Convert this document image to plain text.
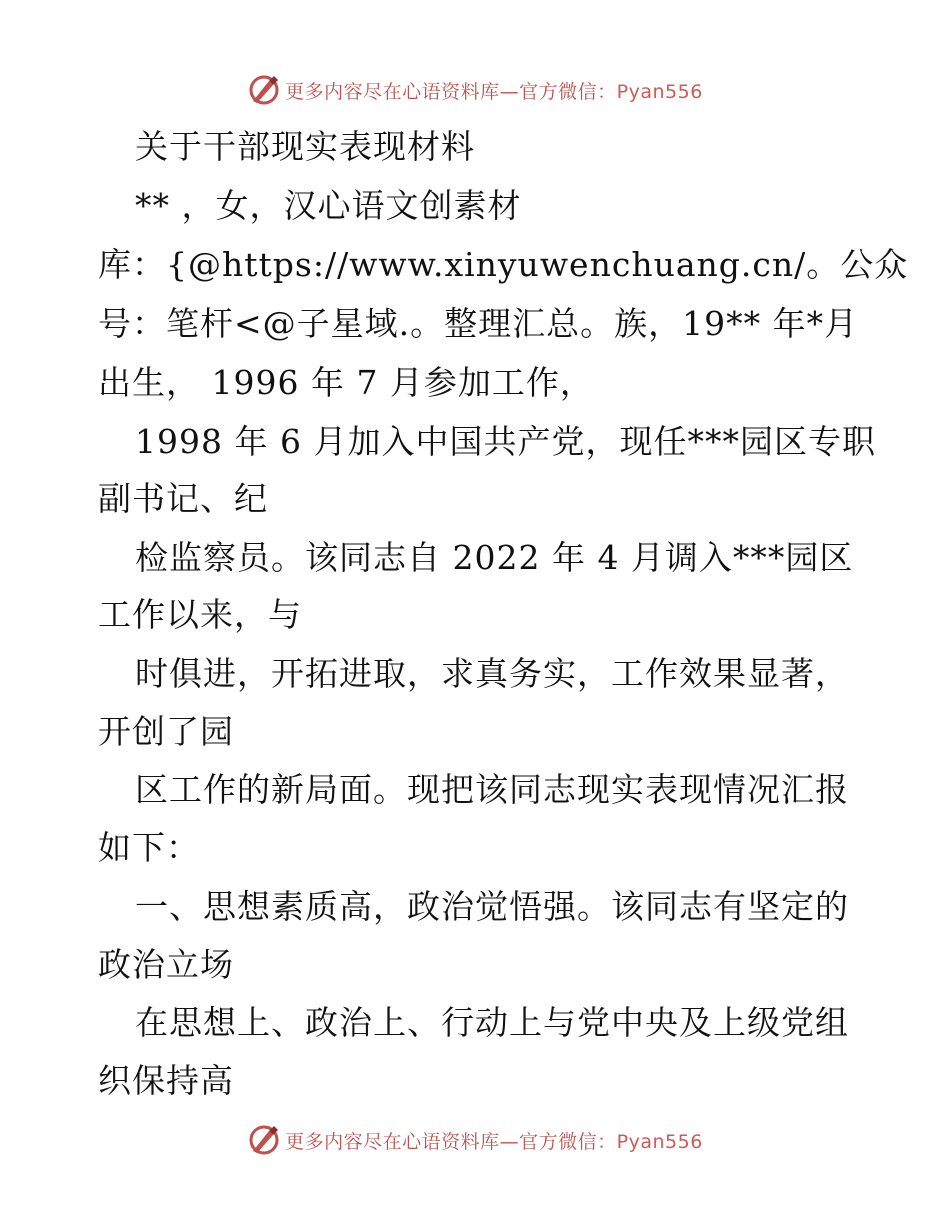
更多内容尽在心语资料库—官方微信：Pyan556
关于干部现实表现材料
** ，女，汉心语文创素材
库：{@https://www.xinyuwenchuang.cn/。公众
号：笔杆<@子星域.。整理汇总。族，19** 年*月
出生， 1996 年 7 月参加工作，
1998 年 6 月加入中国共产党，现任***园区专职
副书记、纪
检监察员。该同志自 2022 年 4 月调入***园区
工作以来，与
时俱进，开拓进取，求真务实，工作效果显著，
开创了园
区工作的新局面。现把该同志现实表现情况汇报
如下：
一、思想素质高，政治觉悟强。该同志有坚定的
政治立场
在思想上、政治上、行动上与党中央及上级党组
织保持高
更多内容尽在心语资料库—官方微信：Pyan556
